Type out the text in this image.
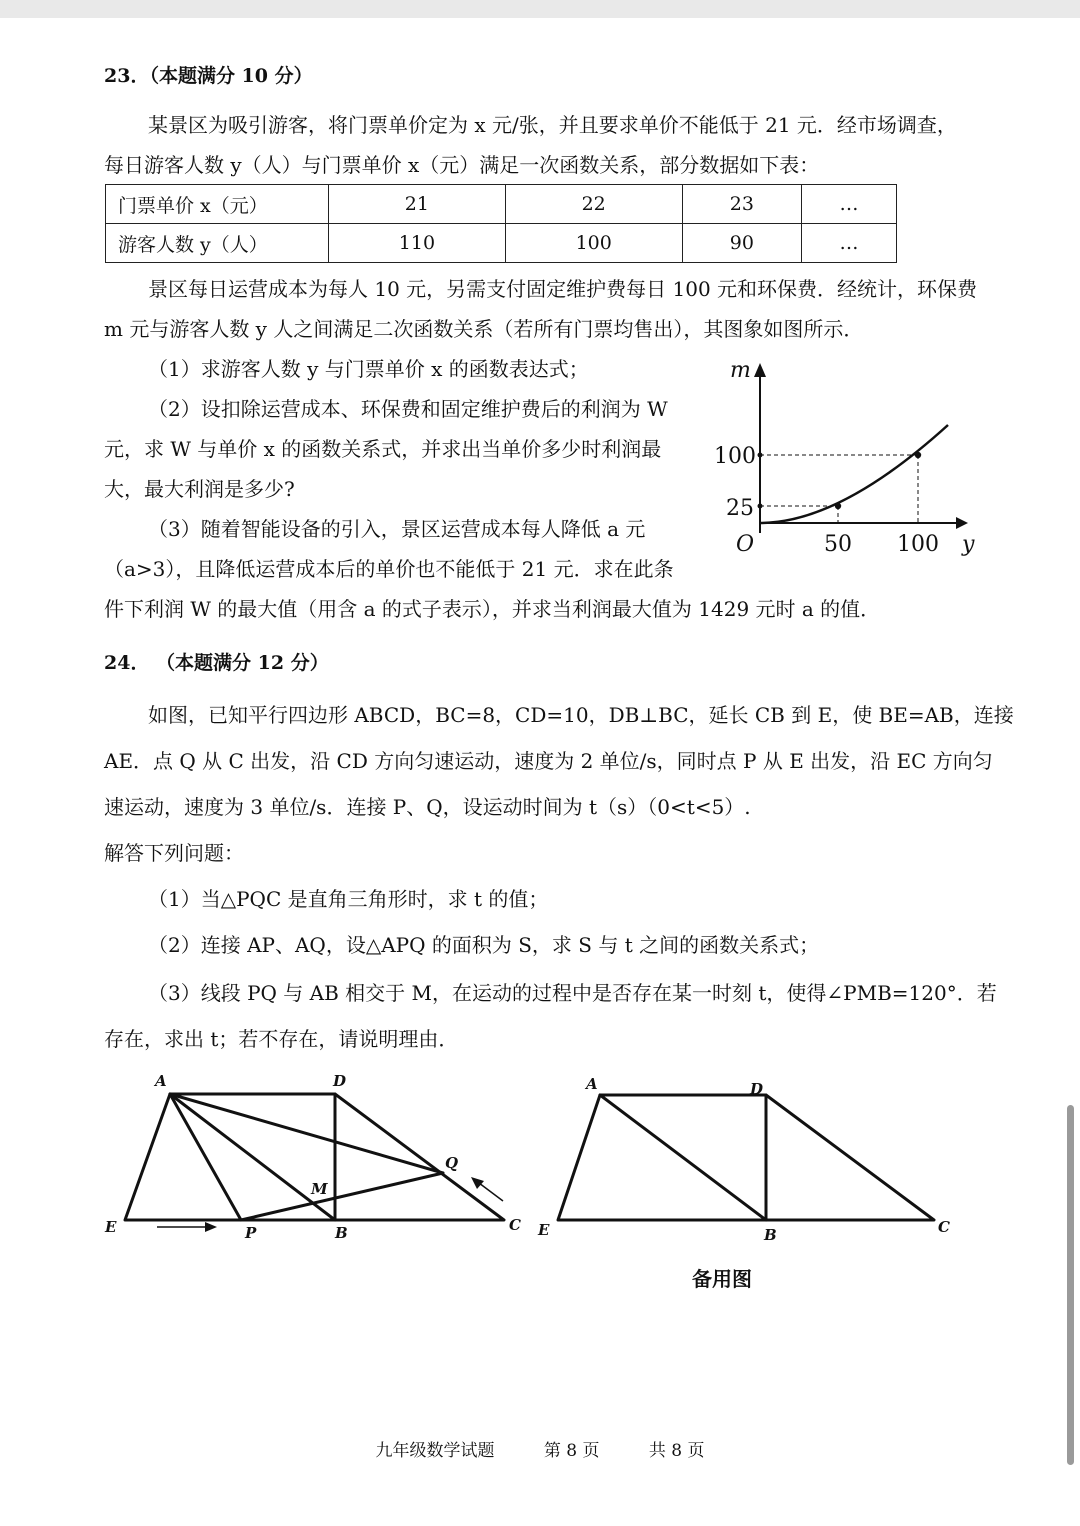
23．（本题满分 10 分）
某景区为吸引游客，将门票单价定为 x 元/张，并且要求单价不能低于 21 元．经市场调查，
每日游客人数 y（人）与门票单价 x（元）满足一次函数关系，部分数据如下表：
门票单价 x（元）	21	22	23	…
游客人数 y（人）	110	100	90	…
景区每日运营成本为每人 10 元，另需支付固定维护费每日 100 元和环保费．经统计，环保费
m 元与游客人数 y 人之间满足二次函数关系（若所有门票均售出），其图象如图所示．
（1）求游客人数 y 与门票单价 x 的函数表达式；
（2）设扣除运营成本、环保费和固定维护费后的利润为 W
元，求 W 与单价 x 的函数关系式，并求出当单价多少时利润最
大，最大利润是多少?
（3）随着智能设备的引入，景区运营成本每人降低 a 元
（a>3），且降低运营成本后的单价也不能低于 21 元．求在此条
件下利润 W 的最大值（用含 a 的式子表示），并求当利润最大值为 1429 元时 a 的值．
m
y
O
100
25
50 100
24． （本题满分 12 分）
如图，已知平行四边形 ABCD，BC=8，CD=10，DB⊥BC，延长 CB 到 E，使 BE=AB，连接
AE．点 Q 从 C 出发，沿 CD 方向匀速运动，速度为 2 单位/s，同时点 P 从 E 出发，沿 EC 方向匀
速运动，速度为 3 单位/s．连接 P、Q，设运动时间为 t（s）（0<t<5）.
解答下列问题：
（1）当△PQC 是直角三角形时，求 t 的值；
（2）连接 AP、AQ，设△APQ 的面积为 S，求 S 与 t 之间的函数关系式；
（3）线段 PQ 与 AB 相交于 M，在运动的过程中是否存在某一时刻 t，使得∠PMB=120°．若
存在，求出 t；若不存在，请说明理由．
A	D
E	P	B	C
Q
M
A	D
E	B	C
备用图
九年级数学试题	第 8 页	共 8 页
